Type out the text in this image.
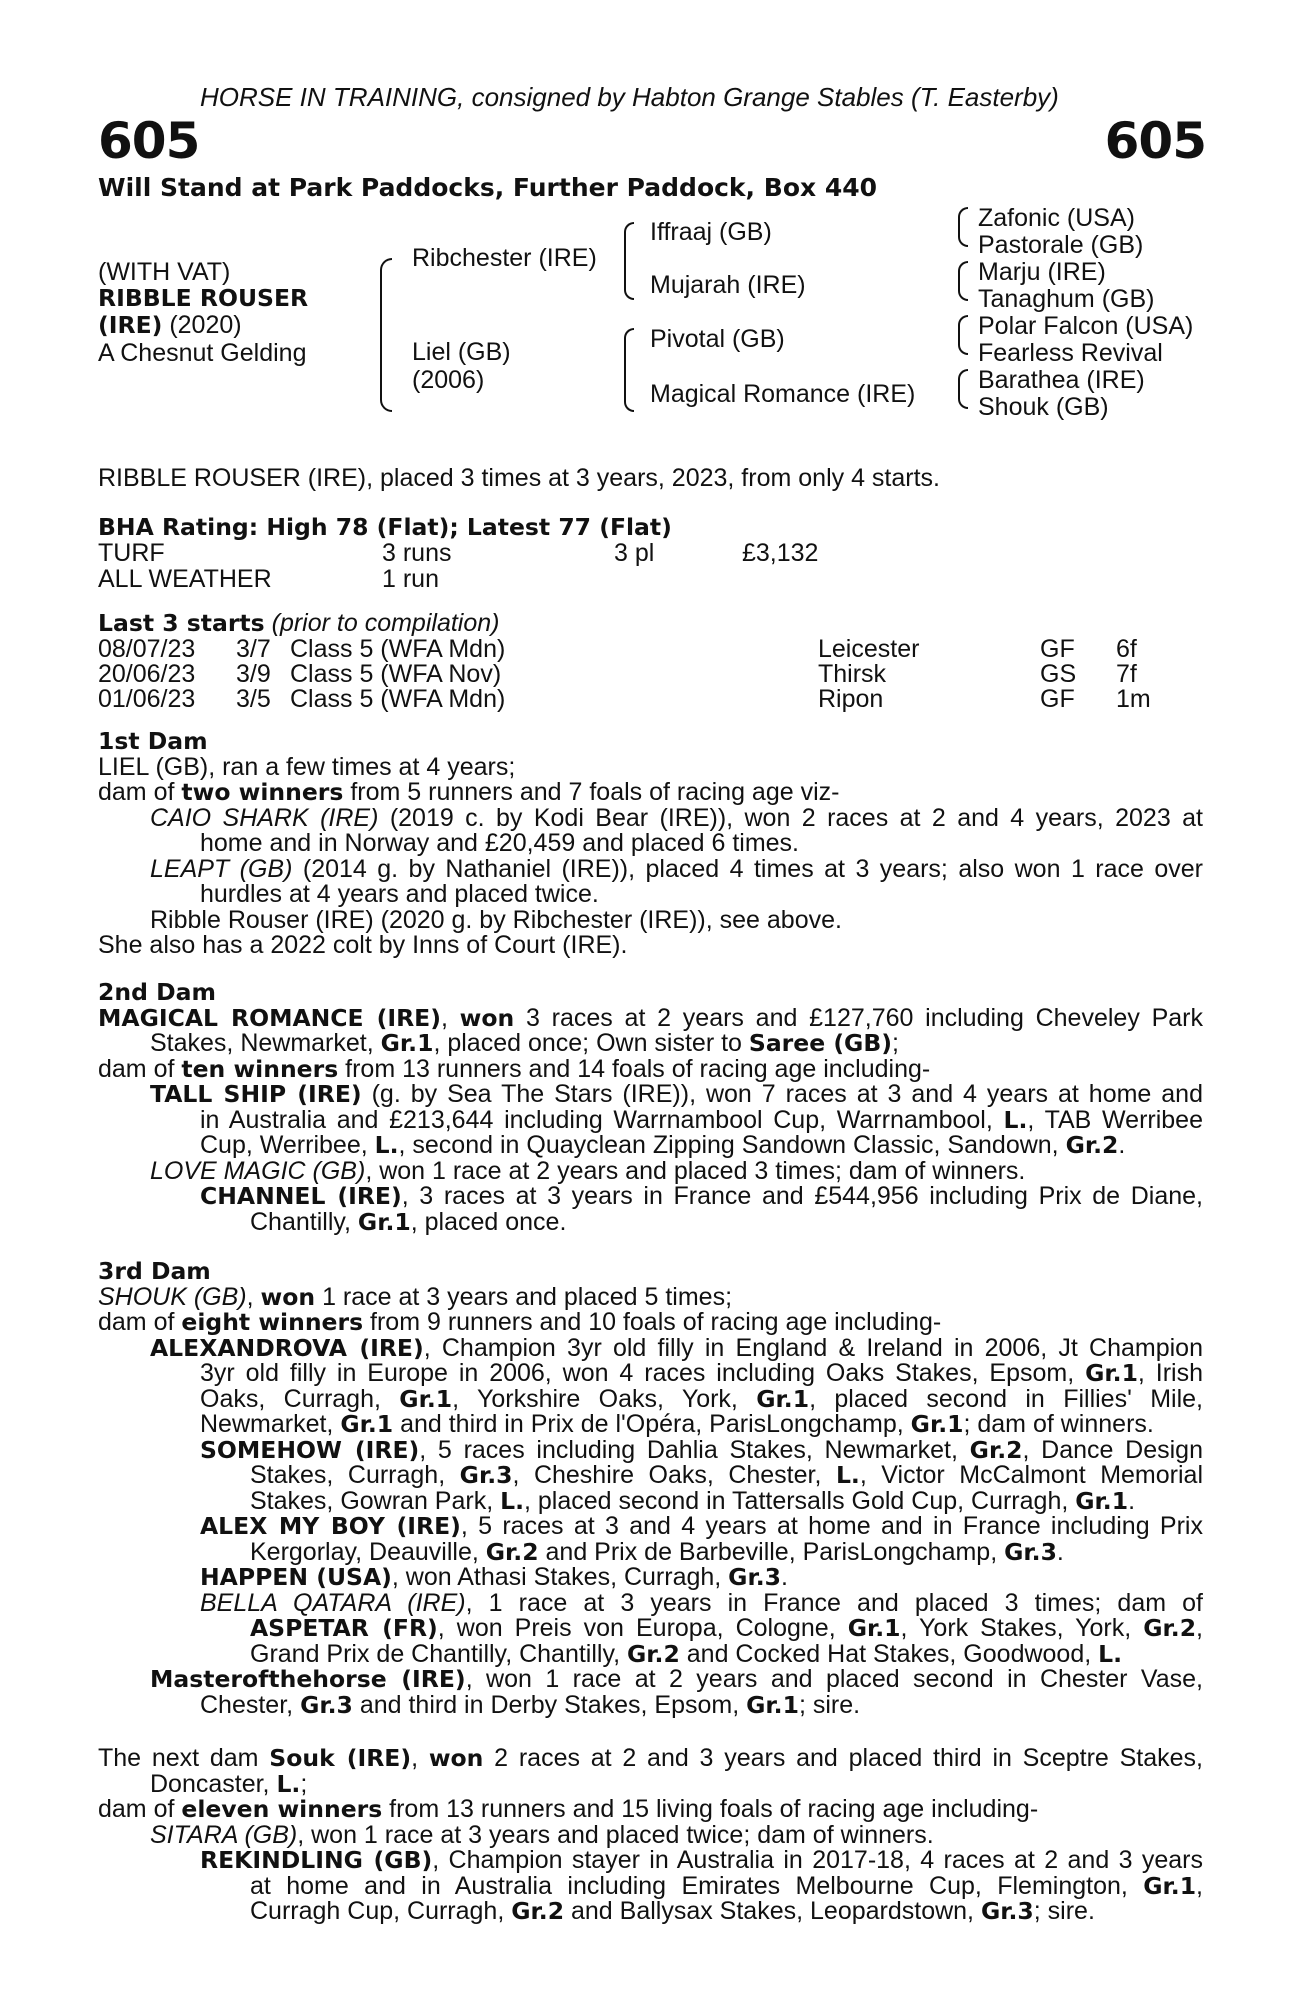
HORSE IN TRAINING, consigned by Habton Grange Stables (T. Easterby)
605	605
Will Stand at Park Paddocks, Further Paddock, Box 440
(WITH VAT)
RIBBLE ROUSER
(IRE) (2020)
A Chesnut Gelding
Ribchester (IRE)
Liel (GB)
(2006)
Iffraaj (GB)
Mujarah (IRE)
Pivotal (GB)
Magical Romance (IRE)
Zafonic (USA)
Pastorale (GB)
Marju (IRE)
Tanaghum (GB)
Polar Falcon (USA)
Fearless Revival
Barathea (IRE)
Shouk (GB)
RIBBLE ROUSER (IRE), placed 3 times at 3 years, 2023, from only 4 starts.
BHA Rating: High 78 (Flat); Latest 77 (Flat)
TURF	3 runs	3 pl	£3,132
ALL WEATHER	1 run
Last 3 starts (prior to compilation)
08/07/23 3/7 Class 5 (WFA Mdn)	Leicester	GF 6f
20/06/23 3/9 Class 5 (WFA Nov)	Thirsk	GS 7f
01/06/23 3/5 Class 5 (WFA Mdn)	Ripon	GF 1m
1st Dam
LIEL (GB), ran a few times at 4 years;
dam of two winners from 5 runners and 7 foals of racing age viz-
CAIO SHARK (IRE) (2019 c. by Kodi Bear (IRE)), won 2 races at 2 and 4 years, 2023 at
home and in Norway and £20,459 and placed 6 times.
LEAPT (GB) (2014 g. by Nathaniel (IRE)), placed 4 times at 3 years; also won 1 race over
hurdles at 4 years and placed twice.
Ribble Rouser (IRE) (2020 g. by Ribchester (IRE)), see above.
She also has a 2022 colt by Inns of Court (IRE).
2nd Dam
MAGICAL ROMANCE (IRE), won 3 races at 2 years and £127,760 including Cheveley Park
Stakes, Newmarket, Gr.1, placed once; Own sister to Saree (GB);
dam of ten winners from 13 runners and 14 foals of racing age including-
TALL SHIP (IRE) (g. by Sea The Stars (IRE)), won 7 races at 3 and 4 years at home and
in Australia and £213,644 including Warrnambool Cup, Warrnambool, L., TAB Werribee
Cup, Werribee, L., second in Quayclean Zipping Sandown Classic, Sandown, Gr.2.
LOVE MAGIC (GB), won 1 race at 2 years and placed 3 times; dam of winners.
CHANNEL (IRE), 3 races at 3 years in France and £544,956 including Prix de Diane,
Chantilly, Gr.1, placed once.
3rd Dam
SHOUK (GB), won 1 race at 3 years and placed 5 times;
dam of eight winners from 9 runners and 10 foals of racing age including-
ALEXANDROVA (IRE), Champion 3yr old filly in England & Ireland in 2006, Jt Champion
3yr old filly in Europe in 2006, won 4 races including Oaks Stakes, Epsom, Gr.1, Irish
Oaks, Curragh, Gr.1, Yorkshire Oaks, York, Gr.1, placed second in Fillies' Mile,
Newmarket, Gr.1 and third in Prix de l'Opéra, ParisLongchamp, Gr.1; dam of winners.
SOMEHOW (IRE), 5 races including Dahlia Stakes, Newmarket, Gr.2, Dance Design
Stakes, Curragh, Gr.3, Cheshire Oaks, Chester, L., Victor McCalmont Memorial
Stakes, Gowran Park, L., placed second in Tattersalls Gold Cup, Curragh, Gr.1.
ALEX MY BOY (IRE), 5 races at 3 and 4 years at home and in France including Prix
Kergorlay, Deauville, Gr.2 and Prix de Barbeville, ParisLongchamp, Gr.3.
HAPPEN (USA), won Athasi Stakes, Curragh, Gr.3.
BELLA QATARA (IRE), 1 race at 3 years in France and placed 3 times; dam of
ASPETAR (FR), won Preis von Europa, Cologne, Gr.1, York Stakes, York, Gr.2,
Grand Prix de Chantilly, Chantilly, Gr.2 and Cocked Hat Stakes, Goodwood, L.
Masterofthehorse (IRE), won 1 race at 2 years and placed second in Chester Vase,
Chester, Gr.3 and third in Derby Stakes, Epsom, Gr.1; sire.
The next dam Souk (IRE), won 2 races at 2 and 3 years and placed third in Sceptre Stakes,
Doncaster, L.;
dam of eleven winners from 13 runners and 15 living foals of racing age including-
SITARA (GB), won 1 race at 3 years and placed twice; dam of winners.
REKINDLING (GB), Champion stayer in Australia in 2017-18, 4 races at 2 and 3 years
at home and in Australia including Emirates Melbourne Cup, Flemington, Gr.1,
Curragh Cup, Curragh, Gr.2 and Ballysax Stakes, Leopardstown, Gr.3; sire.
